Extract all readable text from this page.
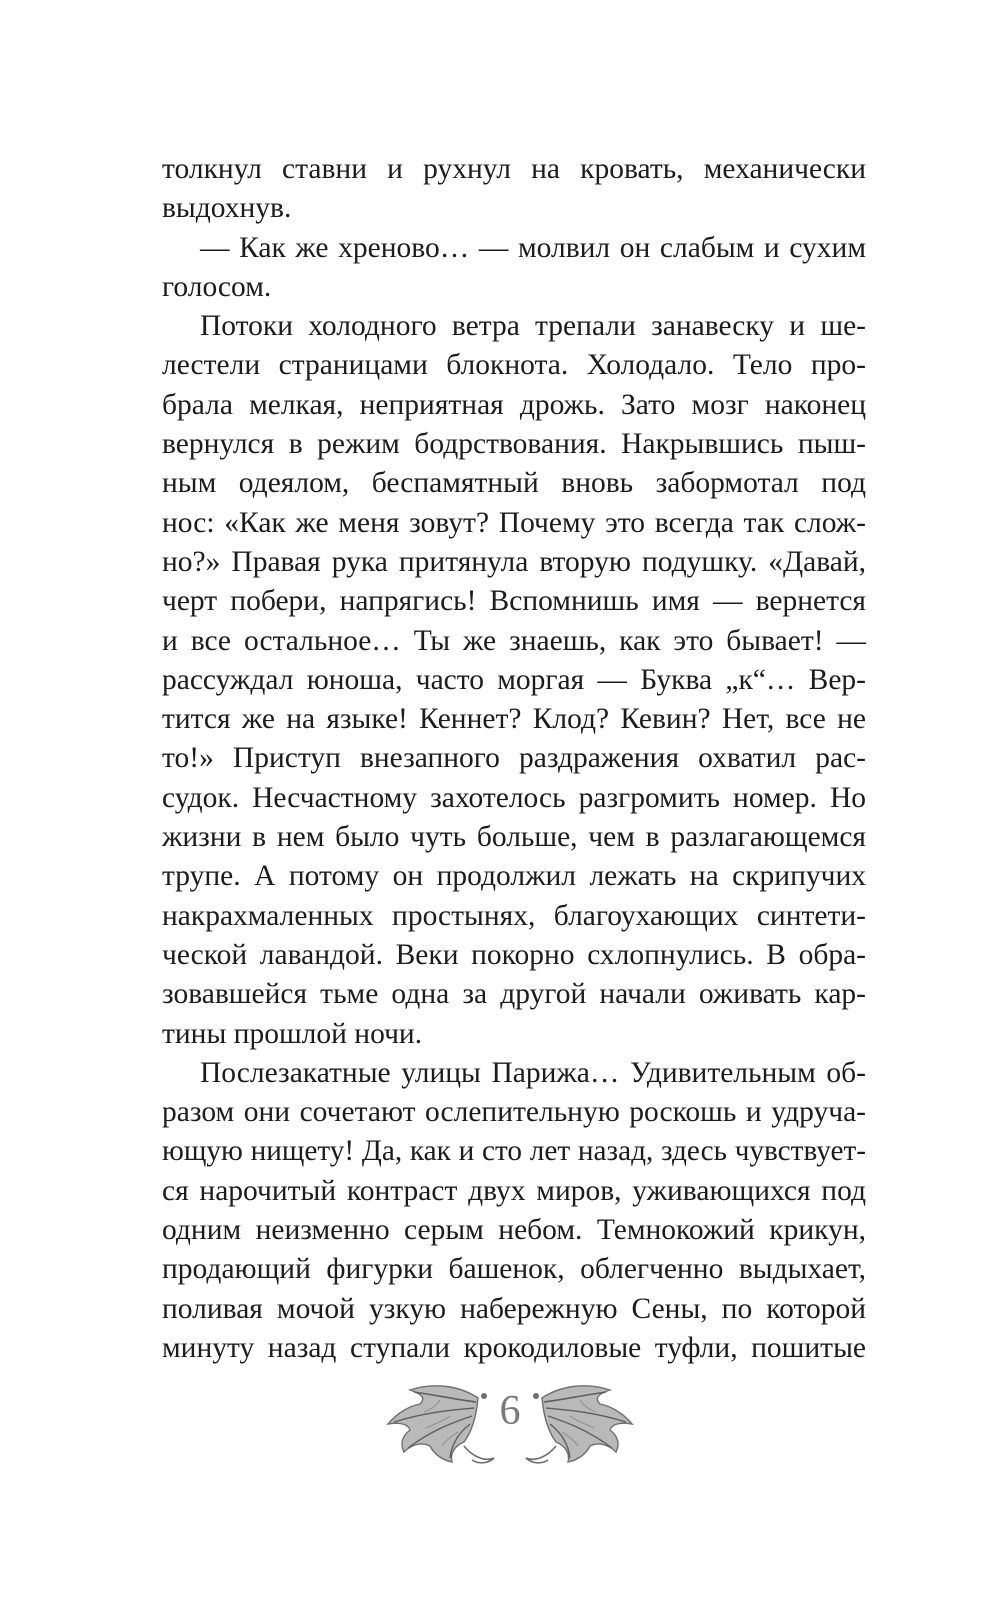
толкнул ставни и рухнул на кровать, механически

выдохнув.

— Как же хреново… — молвил он слабым и сухим

голосом.

Потоки холодного ветра трепали занавеску и ше-

лестели страницами блокнота. Холодало. Тело про-

брала мелкая, неприятная дрожь. Зато мозг наконец

вернулся в режим бодрствования. Накрывшись пыш-

ным одеялом, беспамятный вновь забормотал под

нос: «Как же меня зовут? Почему это всегда так слож-

но?» Правая рука притянула вторую подушку. «Давай,

черт побери, напрягись! Вспомнишь имя — вернется

и все остальное… Ты же знаешь, как это бывает! —

рассуждал юноша, часто моргая — Буква „к“… Вер-

тится же на языке! Кеннет? Клод? Кевин? Нет, все не

то!» Приступ внезапного раздражения охватил рас-

судок. Несчастному захотелось разгромить номер. Но

жизни в нем было чуть больше, чем в разлагающемся

трупе. А потому он продолжил лежать на скрипучих

накрахмаленных простынях, благоухающих синтети-

ческой лавандой. Веки покорно схлопнулись. В обра-

зовавшейся тьме одна за другой начали оживать кар-

тины прошлой ночи.

Послезакатные улицы Парижа… Удивительным об-

разом они сочетают ослепительную роскошь и удруча-

ющую нищету! Да, как и сто лет назад, здесь чувствует-

ся нарочитый контраст двух миров, уживающихся под

одним неизменно серым небом. Темнокожий крикун,

продающий фигурки башенок, облегченно выдыхает,

поливая мочой узкую набережную Сены, по которой

минуту назад ступали крокодиловые туфли, пошитые

6
